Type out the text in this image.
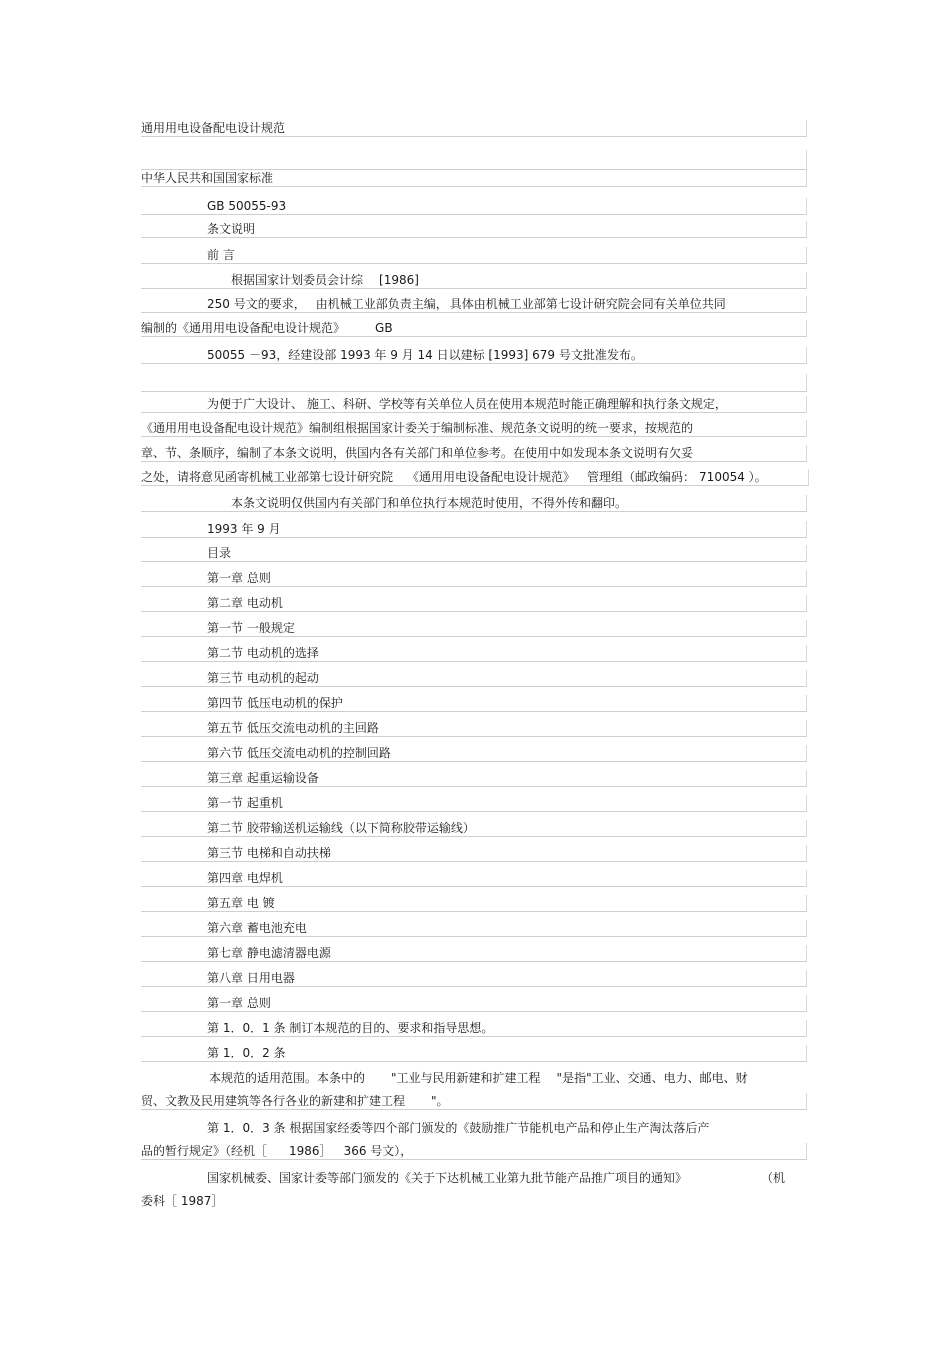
通用用电设备配电设计规范
中华人民共和国国家标准
GB 50055-93
条文说明
前 言
根据国家计划委员会计综 [1986]
250 号文的要求， 由机械工业部负责主编， 具体由机械工业部第七设计研究院会同有关单位共同
编制的《通用用电设备配电设计规范》	GB
50055 －93，经建设部 1993 年 9 月 14 日以建标 [1993] 679 号文批准发布。
为便于广大设计、 施工、科研、学校等有关单位人员在使用本规范时能正确理解和执行条文规定，
《通用用电设备配电设计规范》编制组根据国家计委关于编制标准、规范条文说明的统一要求，按规范的
章、节、条顺序，编制了本条文说明，供国内各有关部门和单位参考。在使用中如发现本条文说明有欠妥
之处，请将意见函寄机械工业部第七设计研究院 《通用用电设备配电设计规范》 管理组（邮政编码： 710054 ）。
本条文说明仅供国内有关部门和单位执行本规范时使用，不得外传和翻印。
1993 年 9 月
目录
第一章 总则
第二章 电动机
第一节 一般规定
第二节 电动机的选择
第三节 电动机的起动
第四节 低压电动机的保护
第五节 低压交流电动机的主回路
第六节 低压交流电动机的控制回路
第三章 起重运输设备
第一节 起重机
第二节 胶带输送机运输线（以下简称胶带运输线）
第三节 电梯和自动扶梯
第四章 电焊机
第五章 电 镀
第六章 蓄电池充电
第七章 静电滤清器电源
第八章 日用电器
第一章 总则
第 1．0．1 条 制订本规范的目的、要求和指导思想。
第 1．0．2 条
本规范的适用范围。本条中的 "工业与民用新建和扩建工程 "是指"工业、交通、电力、邮电、财
贸、文教及民用建筑等各行各业的新建和扩建工程 "。
第 1．0．3 条 根据国家经委等四个部门颁发的《鼓励推广节能机电产品和停止生产淘汰落后产
品的暂行规定》（经机［ 1986］ 366 号文），
国家机械委、国家计委等部门颁发的《关于下达机械工业第九批节能产品推广项目的通知》	（机
委科［ 1987］
